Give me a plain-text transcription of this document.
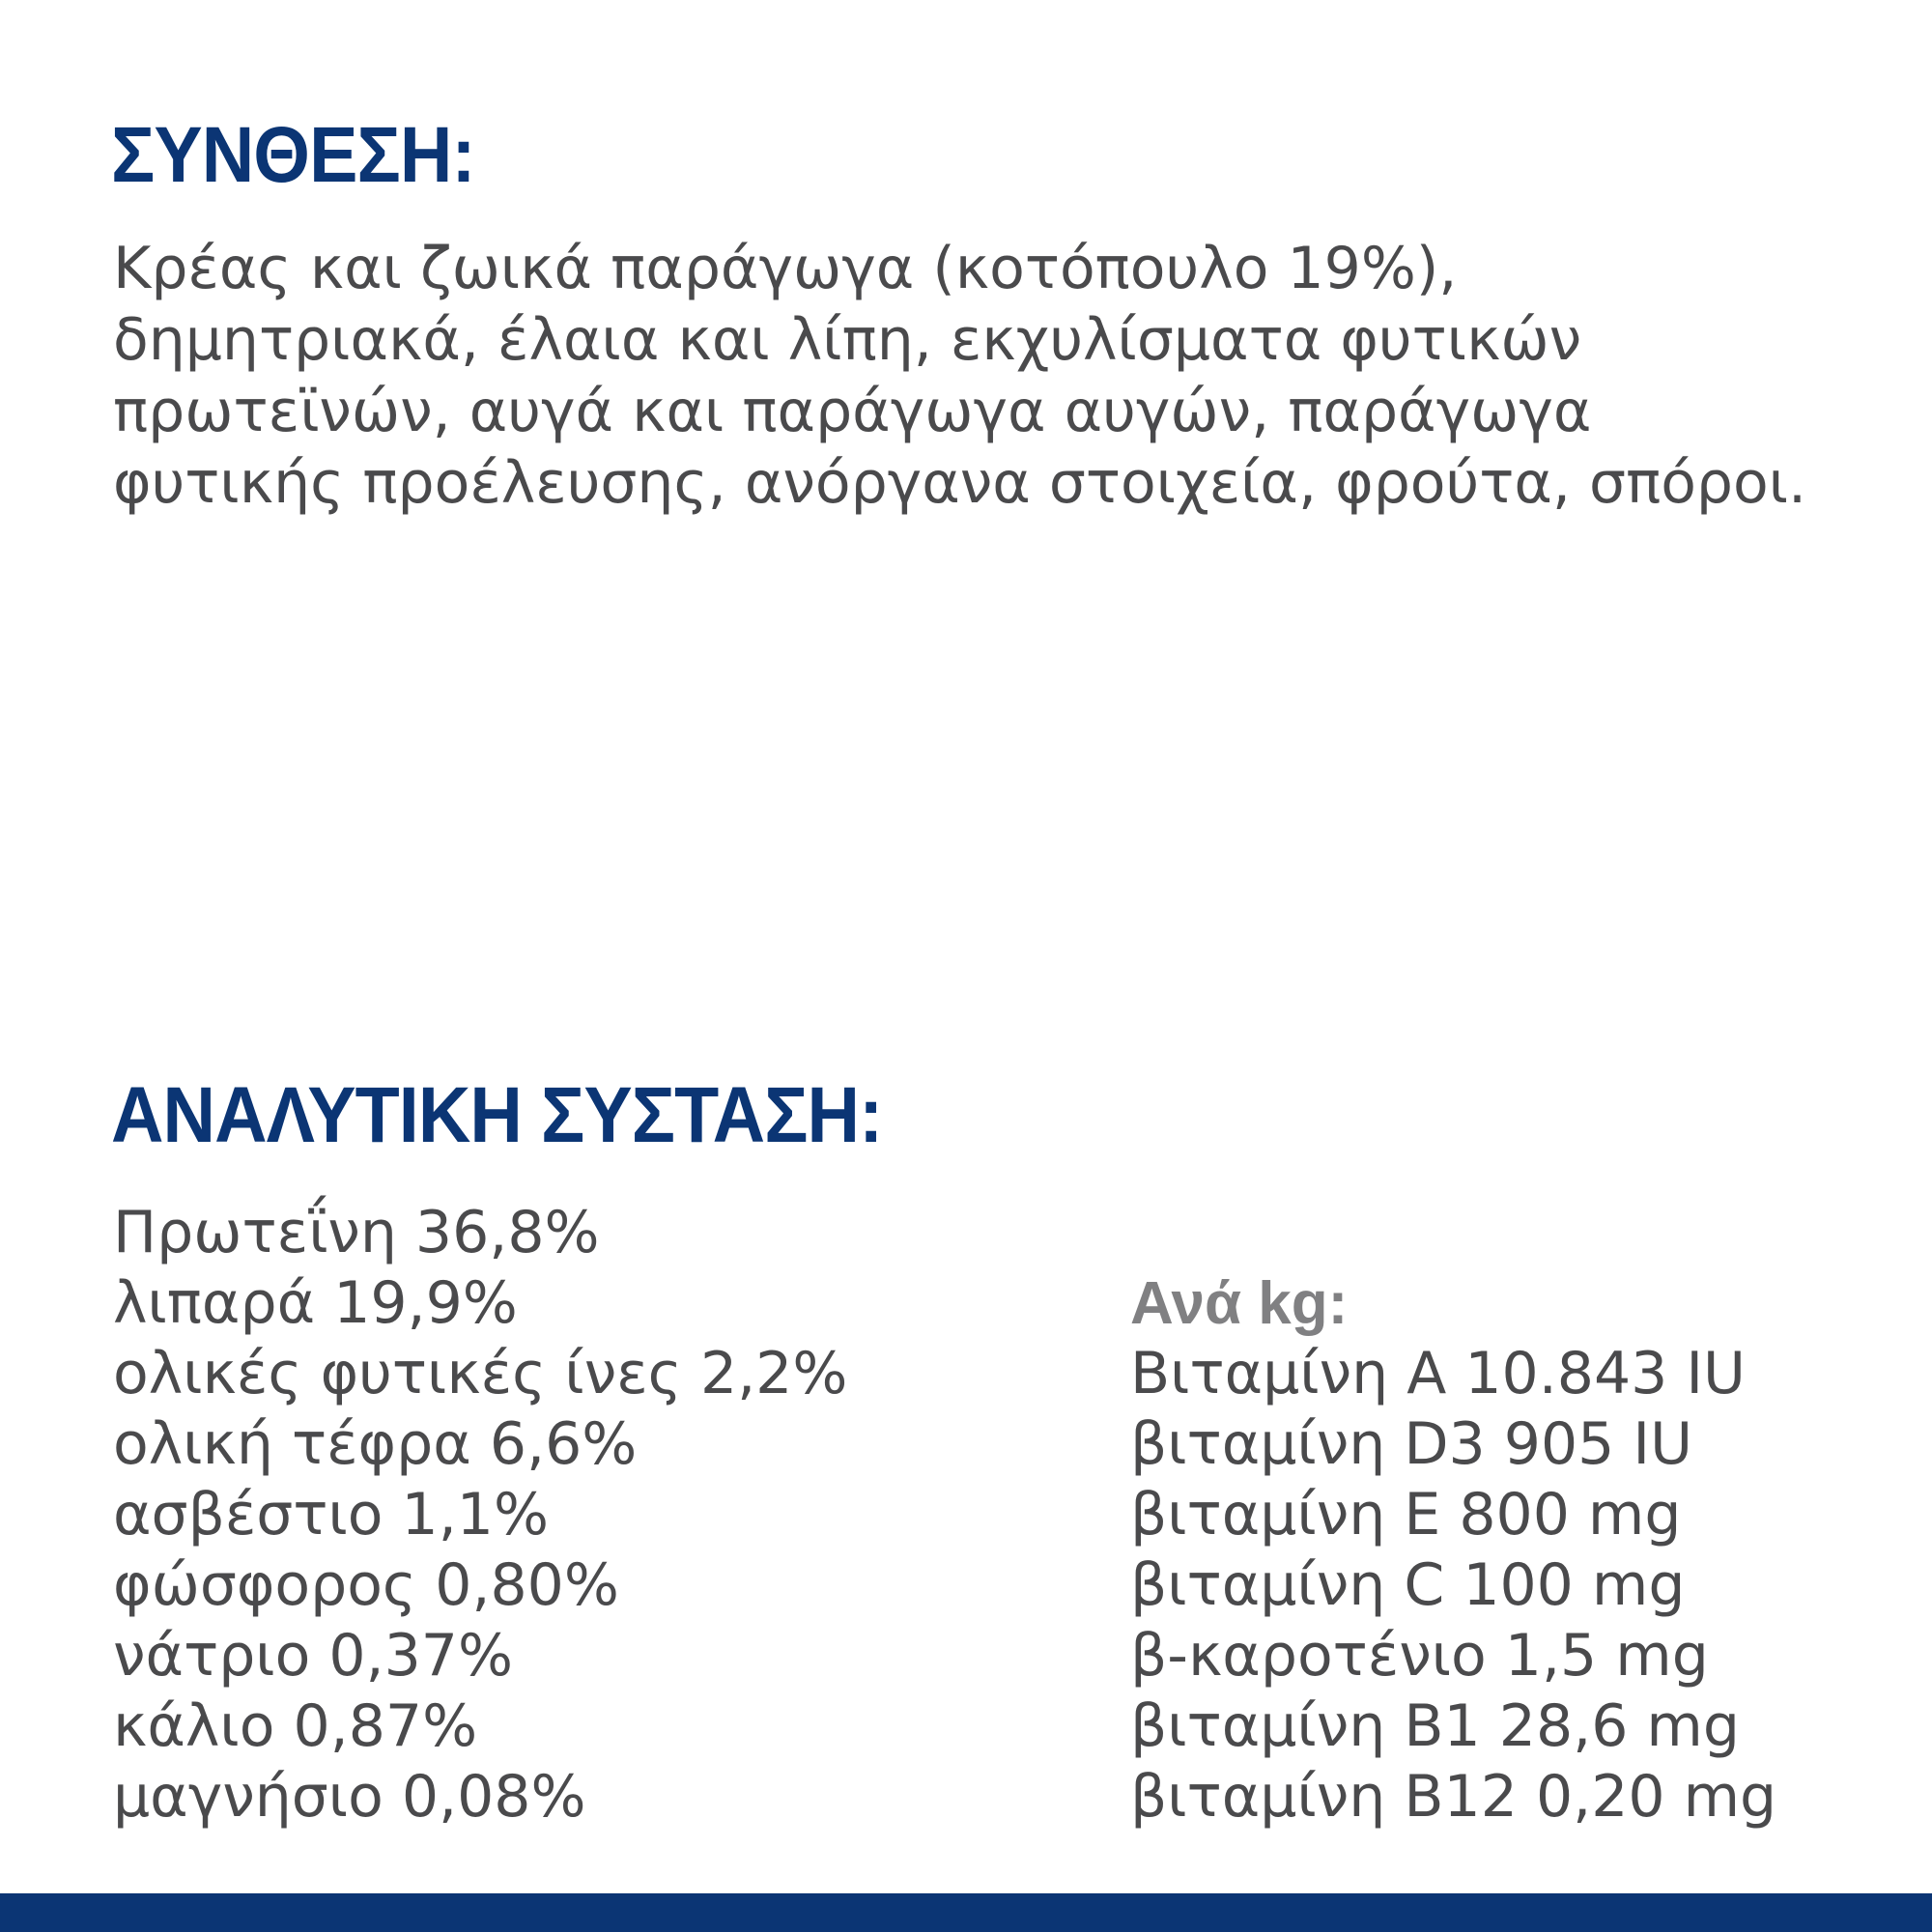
ΣΥΝΘΕΣΗ:

Κρέας και ζωικά παράγωγα (κοτόπουλο 19%),
δημητριακά, έλαια και λίπη, εκχυλίσματα φυτικών
πρωτεϊνών, αυγά και παράγωγα αυγών, παράγωγα
φυτικής προέλευσης, ανόργανα στοιχεία, φρούτα, σπόροι.

ΑΝΑΛΥΤΙΚΗ ΣΥΣΤΑΣΗ:
Πρωτεΐνη 36,8%
λιπαρά 19,9%
ολικές φυτικές ίνες 2,2%
ολική τέφρα 6,6%
ασβέστιο 1,1%
φώσφορος 0,80%
νάτριο 0,37%
κάλιο 0,87%
μαγνήσιο 0,08%

Ανά kg:

Βιταμίνη Α 10.843 IU
βιταμίνη D3 905 IU
βιταμίνη Ε 800 mg
βιταμίνη C 100 mg
β-καροτένιο 1,5 mg
βιταμίνη Β1 28,6 mg
βιταμίνη Β12 0,20 mg
